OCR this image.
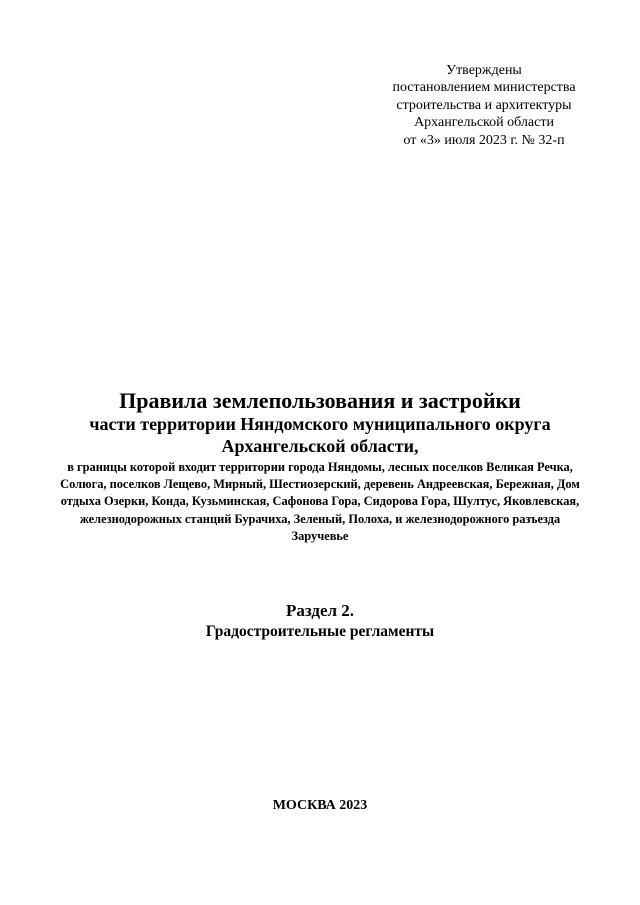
Утверждены
постановлением министерства
строительства и архитектуры
Архангельской области
от «3» июля 2023 г. № 32-п
Правила землепользования и застройки
части территории Няндомского муниципального округа
Архангельской области,
в границы которой входит территории города Няндомы, лесных поселков Великая Речка,
Солюга, поселков Лещево, Мирный, Шестиозерский, деревень Андреевская, Бережная, Дом
отдыха Озерки, Конда, Кузьминская, Сафонова Гора, Сидорова Гора, Шултус, Яковлевская,
железнодорожных станций Бурачиха, Зеленый, Полоха, и железнодорожного разъезда
Заручевье
Раздел 2.
Градостроительные регламенты
МОСКВА 2023
